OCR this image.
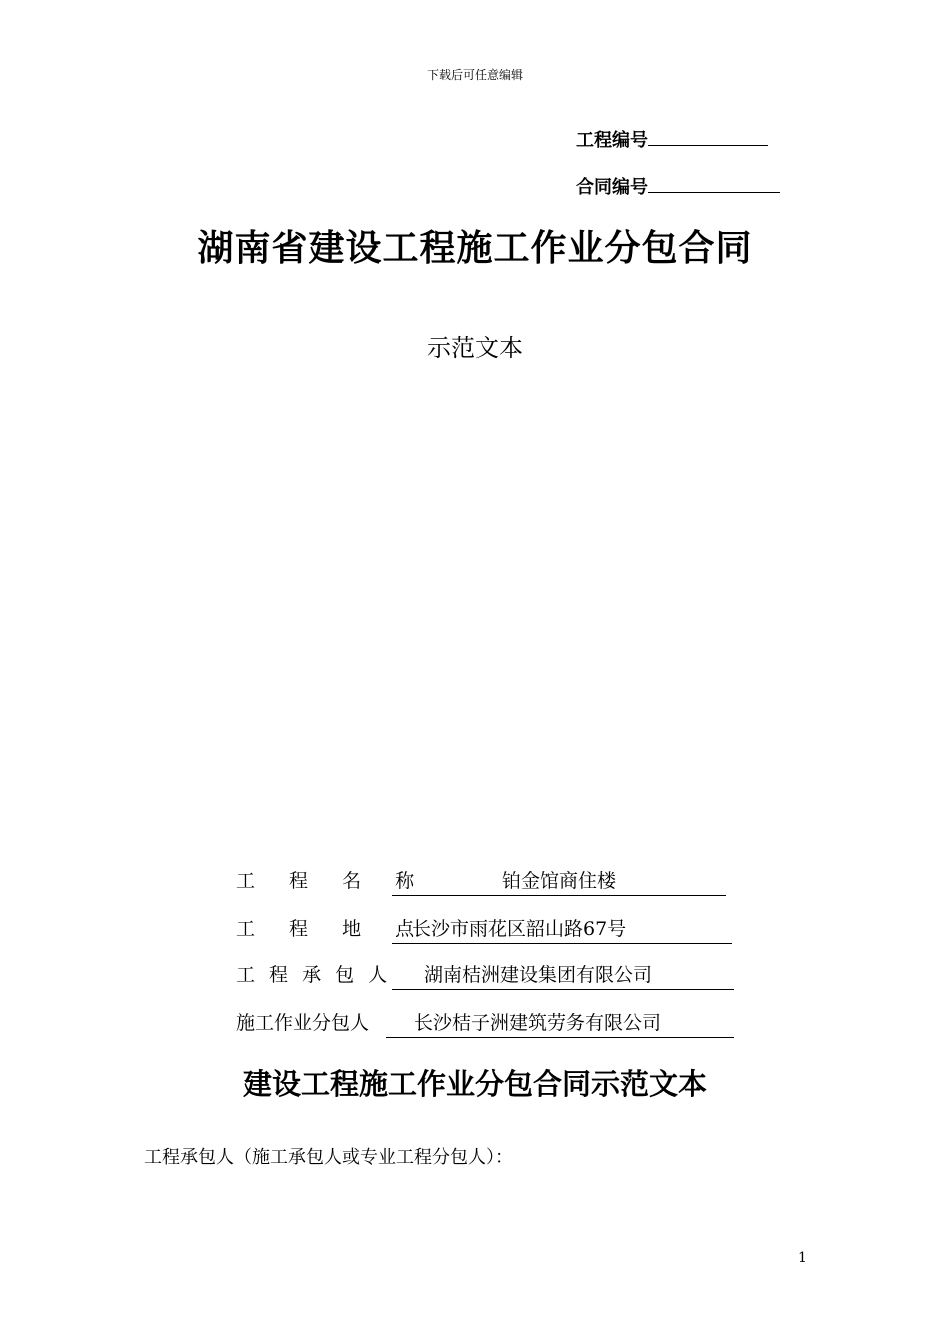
下载后可任意编辑
工程编号
合同编号
湖南省建设工程施工作业分包合同
示范文本
工 程 名 称	铂金馆商住楼
工 程 地 点长沙市雨花区韶山路67号
工 程 承 包 人 湖南桔洲建设集团有限公司
施工作业分包人 长沙桔子洲建筑劳务有限公司
建设工程施工作业分包合同示范文本
工程承包人（施工承包人或专业工程分包人）：
1
